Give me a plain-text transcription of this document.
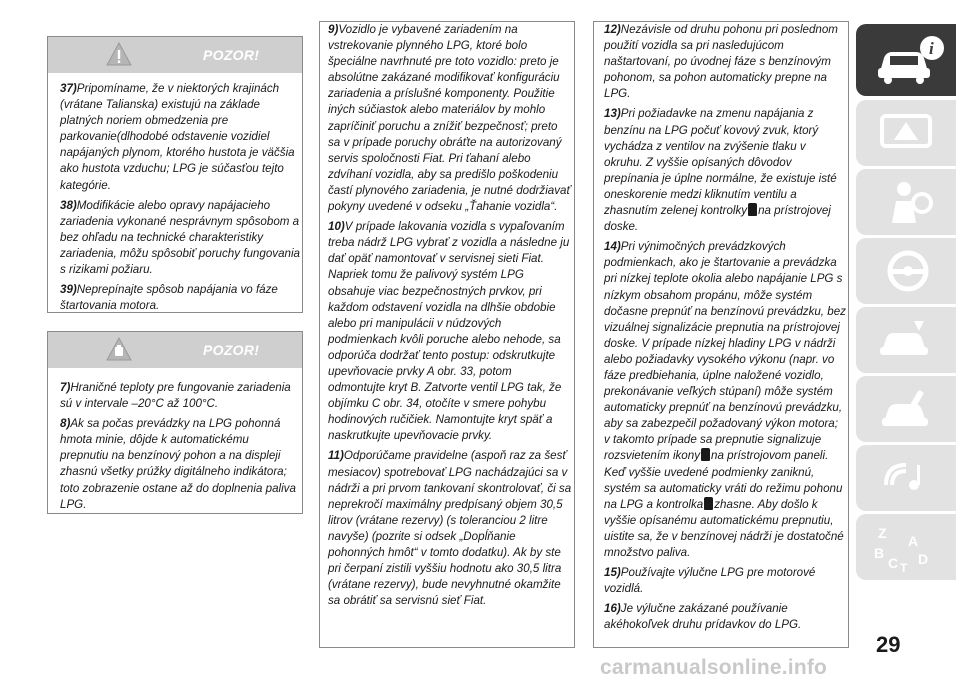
POZOR!

37)Pripomíname, že v niektorých krajinách (vrátane Talianska) existujú na základe platných noriem obmedzenia pre parkovanie(dlhodobé odstavenie vozidiel napájaných plynom, ktorého hustota je väčšia ako hustota vzduchu; LPG je súčasťou tejto kategórie.

38)Modifikácie alebo opravy napájacieho zariadenia vykonané nesprávnym spôsobom a bez ohľadu na technické charakteristiky zariadenia, môžu spôsobiť poruchy fungovania s rizikami požiaru.

39)Neprepínajte spôsob napájania vo fáze štartovania motora.

POZOR!

7)Hraničné teploty pre fungovanie zariadenia sú v intervale –20°C až 100°C.

8)Ak sa počas prevádzky na LPG pohonná hmota minie, dôjde k automatickému prepnutiu na benzínový pohon a na displeji zhasnú všetky prúžky digitálneho indikátora; toto zobrazenie ostane až do doplnenia paliva LPG.

9)Vozidlo je vybavené zariadením na vstrekovanie plynného LPG, ktoré bolo špeciálne navrhnuté pre toto vozidlo: preto je absolútne zakázané modifikovať konfiguráciu zariadenia a príslušné komponenty. Použitie iných súčiastok alebo materiálov by mohlo zapríčiniť poruchu a znížiť bezpečnosť; preto sa v prípade poruchy obráťte na autorizovaný servis spoločnosti Fiat. Pri ťahaní alebo zdvíhaní vozidla, aby sa predišlo poškodeniu častí plynového zariadenia, je nutné dodržiavať pokyny uvedené v odseku „Ťahanie vozidla“.

10)V prípade lakovania vozidla s vypaľovaním treba nádrž LPG vybrať z vozidla a následne ju dať opäť namontovať v servisnej sieti Fiat. Napriek tomu že palivový systém LPG obsahuje viac bezpečnostných prvkov, pri každom odstavení vozidla na dlhšie obdobie alebo pri manipulácii v núdzových podmienkach kvôli poruche alebo nehode, sa odporúča dodržať tento postup: odskrutkujte upevňovacie prvky A obr. 33, potom odmontujte kryt B. Zatvorte ventil LPG tak, že objímku C obr. 34, otočíte v smere pohybu hodinových ručičiek. Namontujte kryt späť a naskrutkujte upevňovacie prvky.

11)Odporúčame pravidelne (aspoň raz za šesť mesiacov) spotrebovať LPG nachádzajúci sa v nádrži a pri prvom tankovaní skontrolovať, či sa neprekročí maximálny predpísaný objem 30,5 litrov (vrátane rezervy) (s toleranciou 2 litre navyše) (pozrite si odsek „Dopĺňanie pohonných hmôt“ v tomto dodatku). Ak by ste pri čerpaní zistili vyššiu hodnotu ako 30,5 litra (vrátane rezervy), bude nevyhnutné okamžite sa obrátiť sa servisnú sieť Fiat.

12)Nezávisle od druhu pohonu pri poslednom použití vozidla sa pri nasledujúcom naštartovaní, po úvodnej fáze s benzínovým pohonom, sa pohon automaticky prepne na LPG.

13)Pri požiadavke na zmenu napájania z benzínu na LPG počuť kovový zvuk, ktorý vychádza z ventilov na zvýšenie tlaku v okruhu. Z vyššie opísaných dôvodov prepínania je úplne normálne, že existuje isté oneskorenie medzi kliknutím ventilu a zhasnutím zelenej kontrolky na prístrojovej doske.

14)Pri výnimočných prevádzkových podmienkach, ako je štartovanie a prevádzka pri nízkej teplote okolia alebo napájanie LPG s nízkym obsahom propánu, môže systém dočasne prepnúť na benzínovú prevádzku, bez vizuálnej signalizácie prepnutia na prístrojovej doske. V prípade nízkej hladiny LPG v nádrži alebo požiadavky vysokého výkonu (napr. vo fáze predbiehania, úplne naložené vozidlo, prekonávanie veľkých stúpaní) môže systém automaticky prepnúť na benzínovú prevádzku, aby sa zabezpečil požadovaný výkon motora; v takomto prípade sa prepnutie signalizuje rozsvietením ikony na prístrojovom paneli. Keď vyššie uvedené podmienky zaniknú, systém sa automaticky vráti do režimu pohonu na LPG a kontrolka zhasne. Aby došlo k vyššie opísanému automatickému prepnutiu, uistite sa, že v benzínovej nádrži je dostatočné množstvo paliva.

15)Používajte výlučne LPG pre motorové vozidlá.

16)Je výlučne zakázané používanie akéhokoľvek druhu prídavkov do LPG.

i
Z A
B
C D
T
29
carmanualsonline.info
